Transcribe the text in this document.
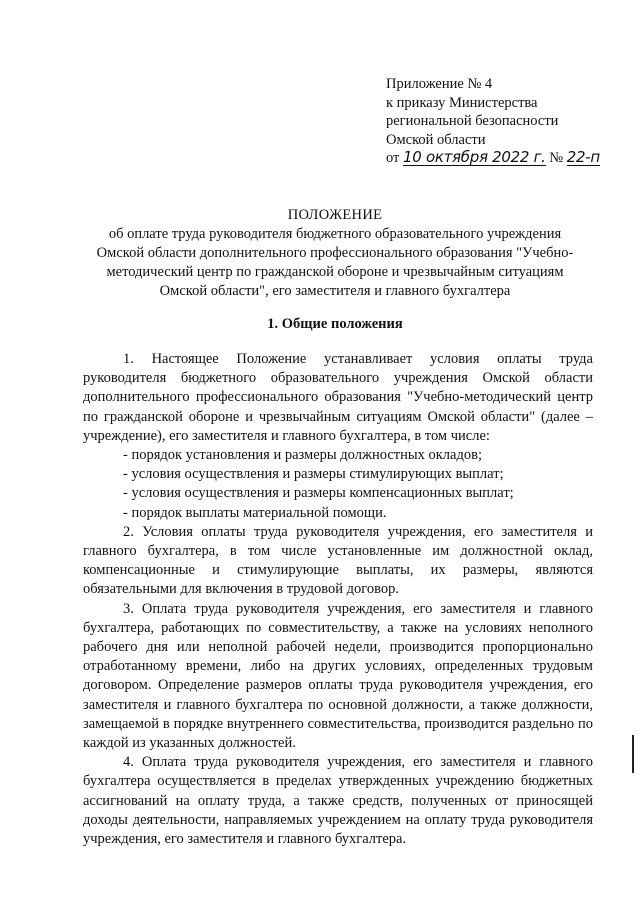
Приложение № 4
к приказу Министерства
региональной безопасности
Омской области
от 10 октября 2022 г. № 22-п
ПОЛОЖЕНИЕ
об оплате труда руководителя бюджетного образовательного учреждения
Омской области дополнительного профессионального образования "Учебно-
методический центр по гражданской обороне и чрезвычайным ситуациям
Омской области", его заместителя и главного бухгалтера
1. Общие положения

1. Настоящее Положение устанавливает условия оплаты труда руководителя бюджетного образовательного учреждения Омской области дополнительного профессионального образования "Учебно-методический центр по гражданской обороне и чрезвычайным ситуациям Омской области" (далее – учреждение), его заместителя и главного бухгалтера, в том числе:

- порядок установления и размеры должностных окладов;
- условия осуществления и размеры стимулирующих выплат;
- условия осуществления и размеры компенсационных выплат;
- порядок выплаты материальной помощи.

2. Условия оплаты труда руководителя учреждения, его заместителя и главного бухгалтера, в том числе установленные им должностной оклад, компенсационные и стимулирующие выплаты, их размеры, являются обязательными для включения в трудовой договор.

3. Оплата труда руководителя учреждения, его заместителя и главного бухгалтера, работающих по совместительству, а также на условиях неполного рабочего дня или неполной рабочей недели, производится пропорционально отработанному времени, либо на других условиях, определенных трудовым договором. Определение размеров оплаты труда руководителя учреждения, его заместителя и главного бухгалтера по основной должности, а также должности, замещаемой в порядке внутреннего совместительства, производится раздельно по каждой из указанных должностей.

4. Оплата труда руководителя учреждения, его заместителя и главного бухгалтера осуществляется в пределах утвержденных учреждению бюджетных ассигнований на оплату труда, а также средств, полученных от приносящей доходы деятельности, направляемых учреждением на оплату труда руководителя учреждения, его заместителя и главного бухгалтера.
